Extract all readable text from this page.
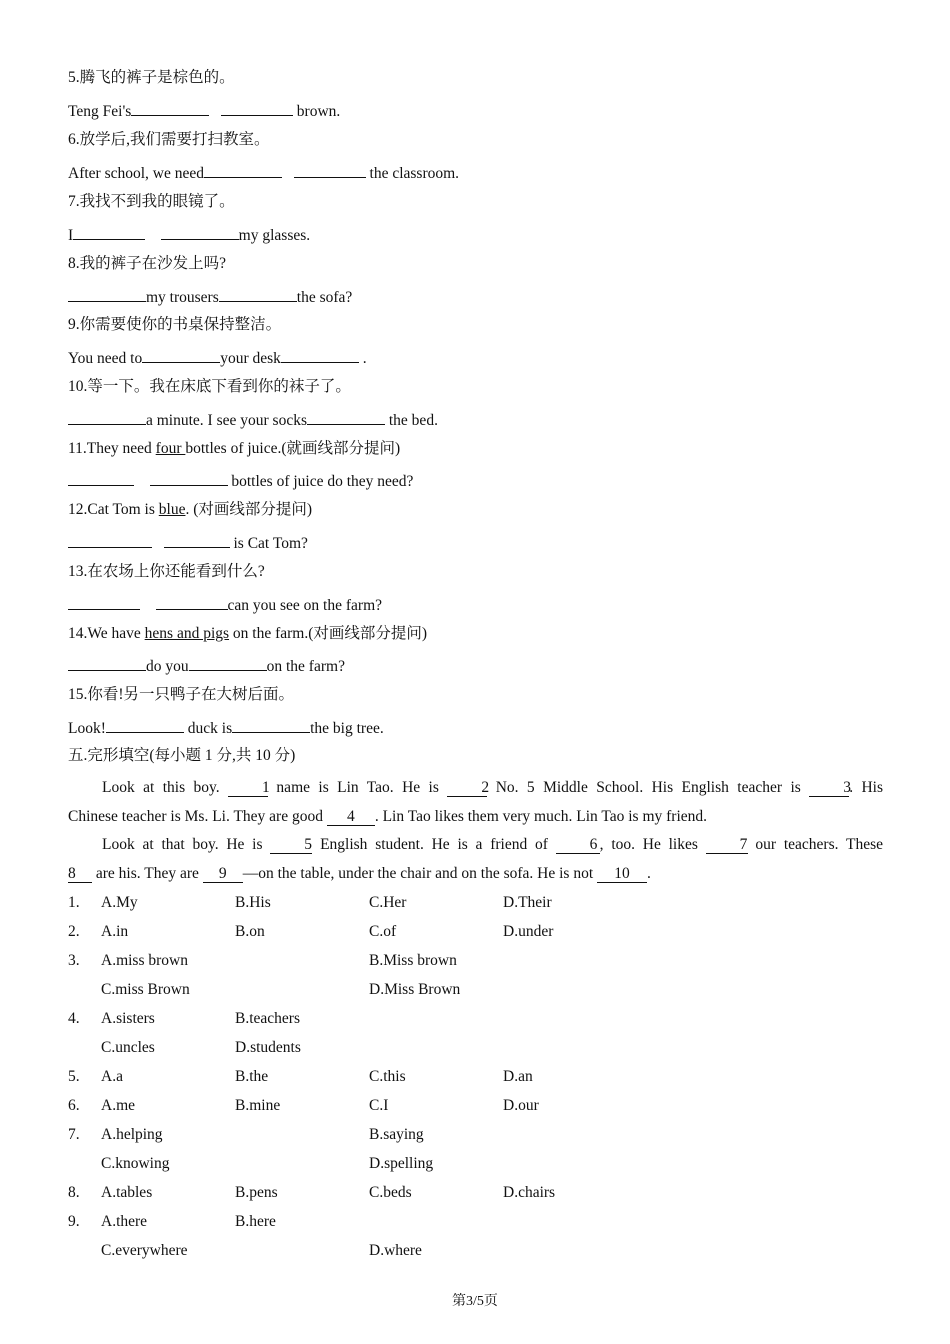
5.腾飞的裤子是棕色的。
Teng Fei's	brown.
6.放学后,我们需要打扫教室。
After school, we need	the classroom.
7.我找不到我的眼镜了。
I	my glasses.
8.我的裤子在沙发上吗?
my trousers	the sofa?
9.你需要使你的书桌保持整洁。
You need to	your desk	.
10.等一下。我在床底下看到你的袜子了。
a minute. I see your socks	the bed.
11.They need four bottles of juice.(就画线部分提问)
bottles of juice do they need?
12.Cat Tom is blue. (对画线部分提问)
is Cat Tom?
13.在农场上你还能看到什么?
can you see on the farm?
14.We have hens and pigs on the farm.(对画线部分提问)
do you	on the farm?
15.你看!另一只鸭子在大树后面。
Look!	duck is	the big tree.
五.完形填空(每小题 1 分,共 10 分)
Look at this boy. 1 name is Lin Tao. He is 2 No. 5 Middle School. His English teacher is 3. His
Chinese teacher is Ms. Li. They are good 4 . Lin Tao likes them very much. Lin Tao is my friend.
Look at that boy. He is 5 English student. He is a friend of 6 , too. He likes 7 our teachers. These
8 are his. They are 9 —on the table, under the chair and on the sofa. He is not 10 .
1. A.My	B.His	C.Her	D.Their
2. A.in	B.on	C.of	D.under
3. A.miss brown	B.Miss brown
C.miss Brown	D.Miss Brown
4. A.sisters	B.teachers
C.uncles	D.students
5. A.a	B.the	C.this	D.an
6. A.me	B.mine	C.I	D.our
7. A.helping	B.saying
C.knowing	D.spelling
8. A.tables	B.pens	C.beds	D.chairs
9. A.there	B.here
C.everywhere	D.where
第3/5页
